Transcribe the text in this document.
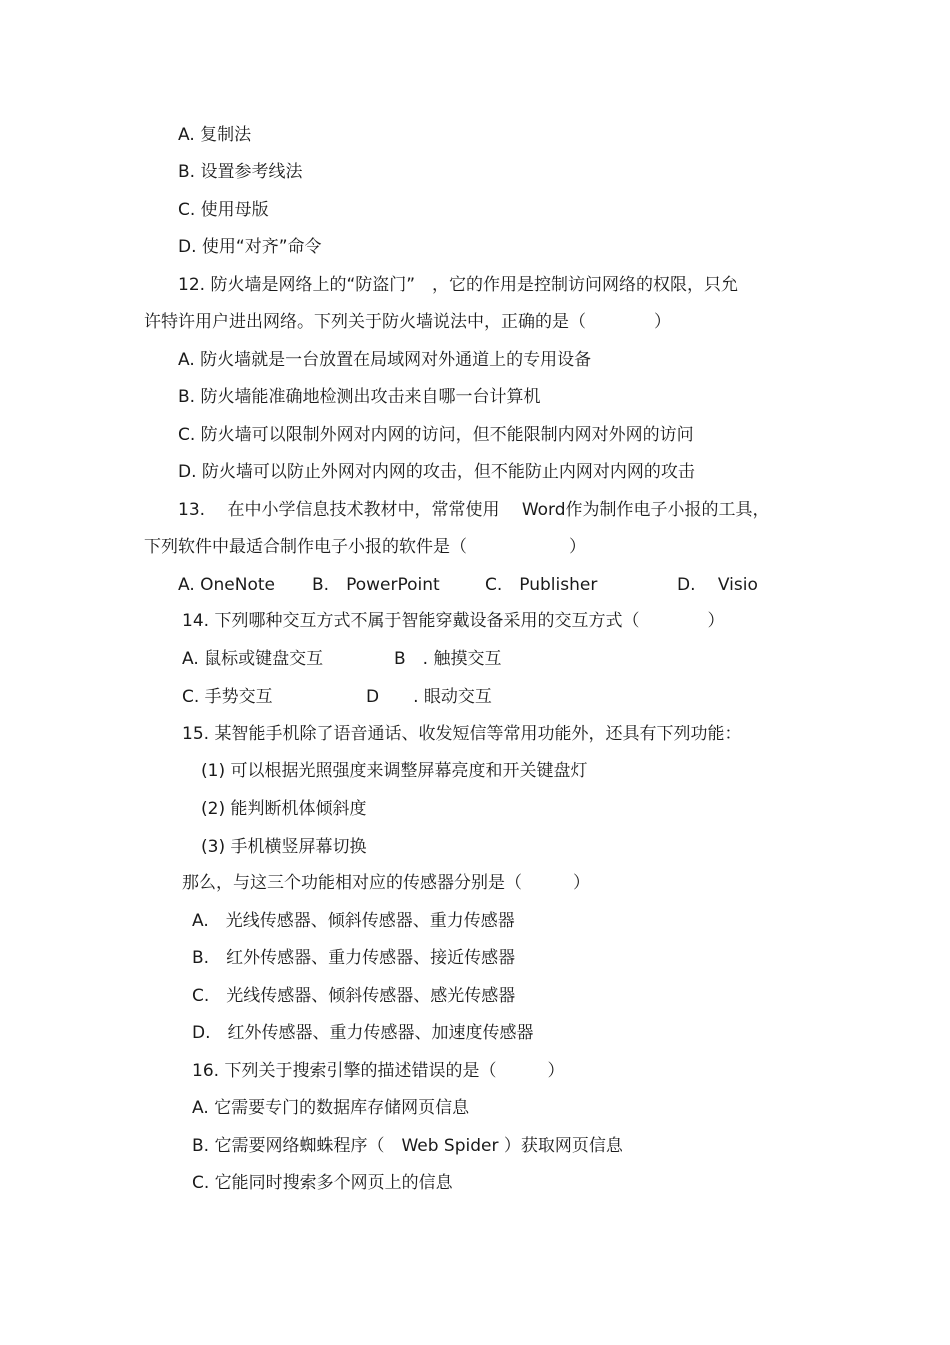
A. 复制法
B. 设置参考线法
C. 使用母版
D. 使用“对齐”命令
12. 防火墙是网络上的“防盗门”　，它的作用是控制访问网络的权限，只允
许特许用户进出网络。下列关于防火墙说法中，正确的是（　　　　）
A. 防火墙就是一台放置在局域网对外通道上的专用设备
B. 防火墙能准确地检测出攻击来自哪一台计算机
C. 防火墙可以限制外网对内网的访问，但不能限制内网对外网的访问
D. 防火墙可以防止外网对内网的攻击，但不能防止内网对内网的攻击
13.　 在中小学信息技术教材中，常常使用　 Word作为制作电子小报的工具，
下列软件中最适合制作电子小报的软件是（　　　　　　）
A. OneNote B.　PowerPoint	C.　Publisher	D.　 Visio
14. 下列哪种交互方式不属于智能穿戴设备采用的交互方式（　　　　）
A. 鼠标或键盘交互	B　. 触摸交互
C. 手势交互	D　　. 眼动交互
15. 某智能手机除了语音通话、收发短信等常用功能外，还具有下列功能：
(1) 可以根据光照强度来调整屏幕亮度和开关键盘灯
(2) 能判断机体倾斜度
(3) 手机横竖屏幕切换
那么，与这三个功能相对应的传感器分别是（　　　）
A.　光线传感器、倾斜传感器、重力传感器
B.　红外传感器、重力传感器、接近传感器
C.　光线传感器、倾斜传感器、感光传感器
D.　红外传感器、重力传感器、加速度传感器
16. 下列关于搜索引擎的描述错误的是（　　　）
A. 它需要专门的数据库存储网页信息
B. 它需要网络蜘蛛程序（　Web Spider ）获取网页信息
C. 它能同时搜索多个网页上的信息
